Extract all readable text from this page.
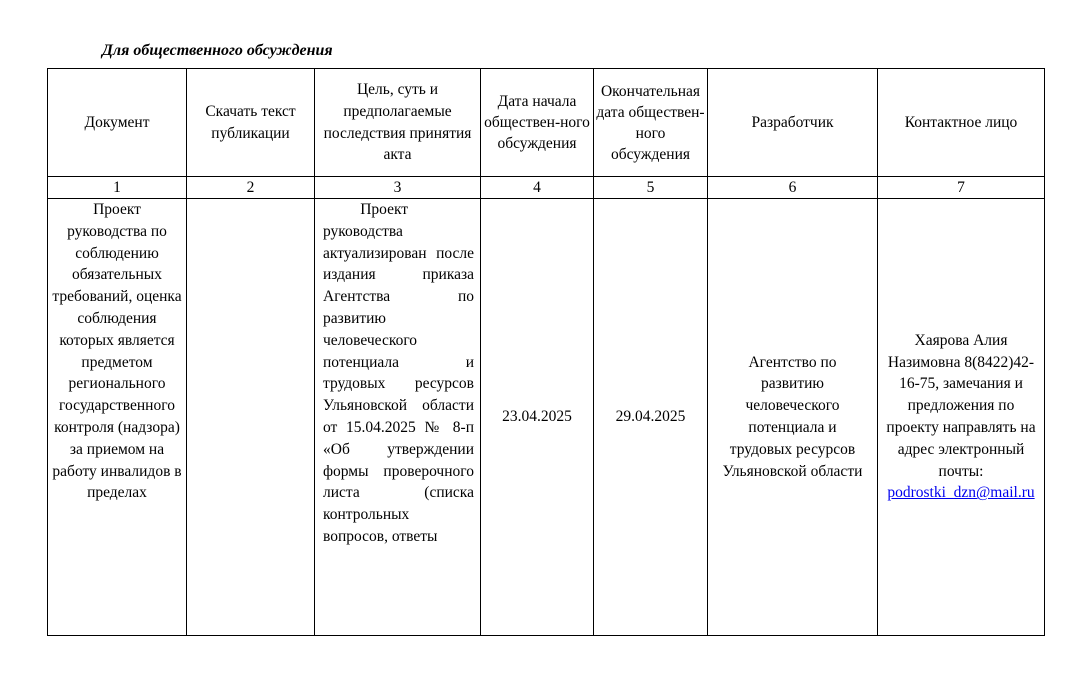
Для общественного обсуждения
Документ	Скачать текст публикации	Цель, суть и предполагаемые последствия принятия акта	Дата начала обществен-ного обсуждения	Окончательная дата обществен-ного обсуждения	Разработчик	Контактное лицо
1	2	3	4	5	6	7

Проект руководства по соблюдению обязательных требований, оценка соблюдения которых является предметом регионального государственного контроля (надзора) за приемом на работу инвалидов в пределах		Проект руководства актуализирован после издания приказа Агентства по развитию человеческого потенциала и трудовых ресурсов Ульяновской области от 15.04.2025 № 8-п «Об утверждении формы проверочного листа (списка контрольных вопросов, ответы	23.04.2025	29.04.2025	Агентство по развитию человеческого потенциала и трудовых ресурсов Ульяновской области	Хаярова Алия Назимовна 8(8422)42-16-75, замечания и предложения по проекту направлять на адрес электронный почты:
podrostki_dzn@mail.ru
